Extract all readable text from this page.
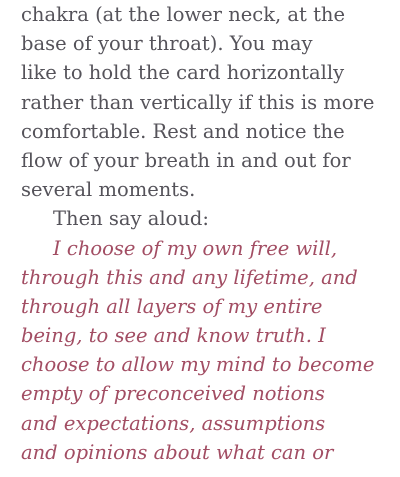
chakra (at the lower neck, at the
base of your throat). You may
like to hold the card horizontally
rather than vertically if this is more
comfortable. Rest and notice the
flow of your breath in and out for
several moments.
Then say aloud:
I choose of my own free will,
through this and any lifetime, and
through all layers of my entire
being, to see and know truth. I
choose to allow my mind to become
empty of preconceived notions
and expectations, assumptions
and opinions about what can or
